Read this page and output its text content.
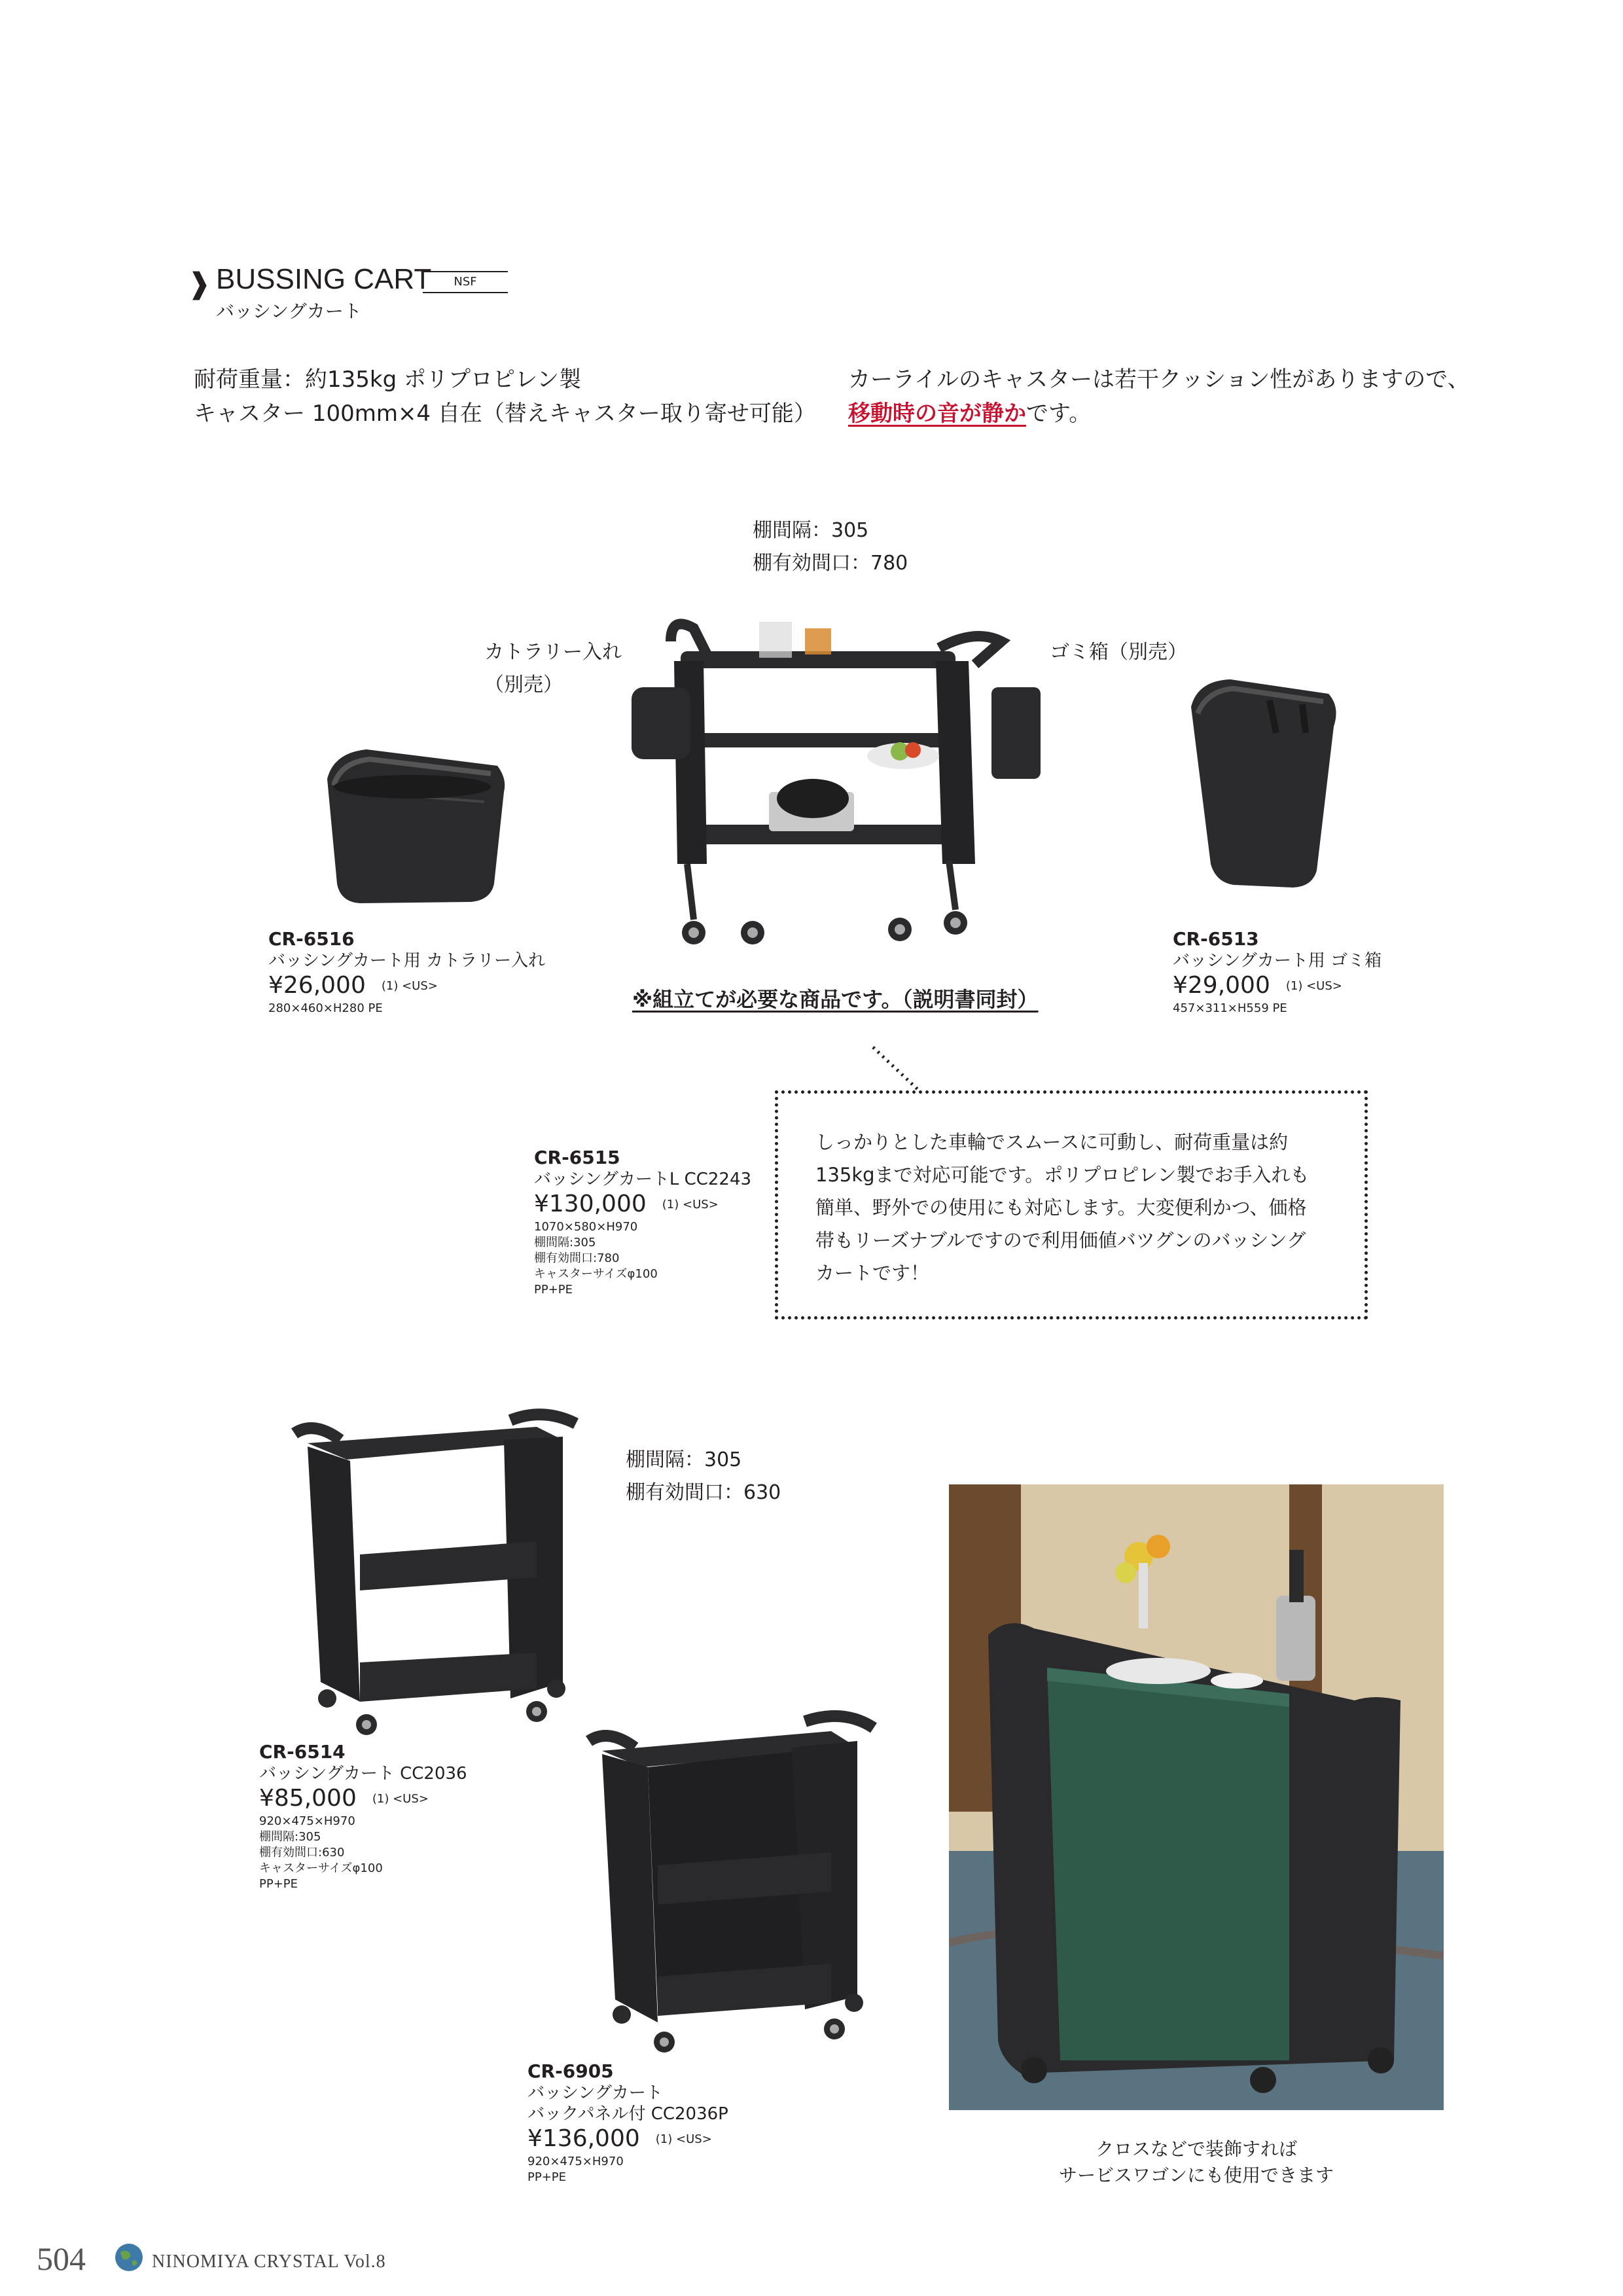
❱ BUSSING CART	NSF
バッシングカート
耐荷重量：約135kg ポリプロピレン製
キャスター 100mm×4 自在（替えキャスター取り寄せ可能）
カーライルのキャスターは若干クッション性がありますので、
移動時の音が静かです。
棚間隔：305
棚有効間口：780
カトラリー入れ
（別売）
ゴミ箱（別売）
※組立てが必要な商品です。（説明書同封）
CR-6516
バッシングカート用 カトラリー入れ
¥26,000 (1) <US>
280×460×H280 PE
CR-6513
バッシングカート用 ゴミ箱
¥29,000 (1) <US>
457×311×H559 PE
CR-6515
バッシングカートL CC2243
¥130,000 (1) <US>
1070×580×H970
棚間隔:305
棚有効間口:780
キャスターサイズφ100
PP+PE
しっかりとした車輪でスムースに可動し、耐荷重量は約
135kgまで対応可能です。ポリプロピレン製でお手入れも
簡単、野外での使用にも対応します。大変便利かつ、価格
帯もリーズナブルですので利用価値バツグンのバッシング
カートです！
棚間隔：305
棚有効間口：630
CR-6514
バッシングカート CC2036
¥85,000 (1) <US>
920×475×H970
棚間隔:305
棚有効間口:630
キャスターサイズφ100
PP+PE
CR-6905
バッシングカート
バックパネル付 CC2036P
¥136,000 (1) <US>
920×475×H970
PP+PE
クロスなどで装飾すれば
サービスワゴンにも使用できます
504	NINOMIYA CRYSTAL Vol.8
